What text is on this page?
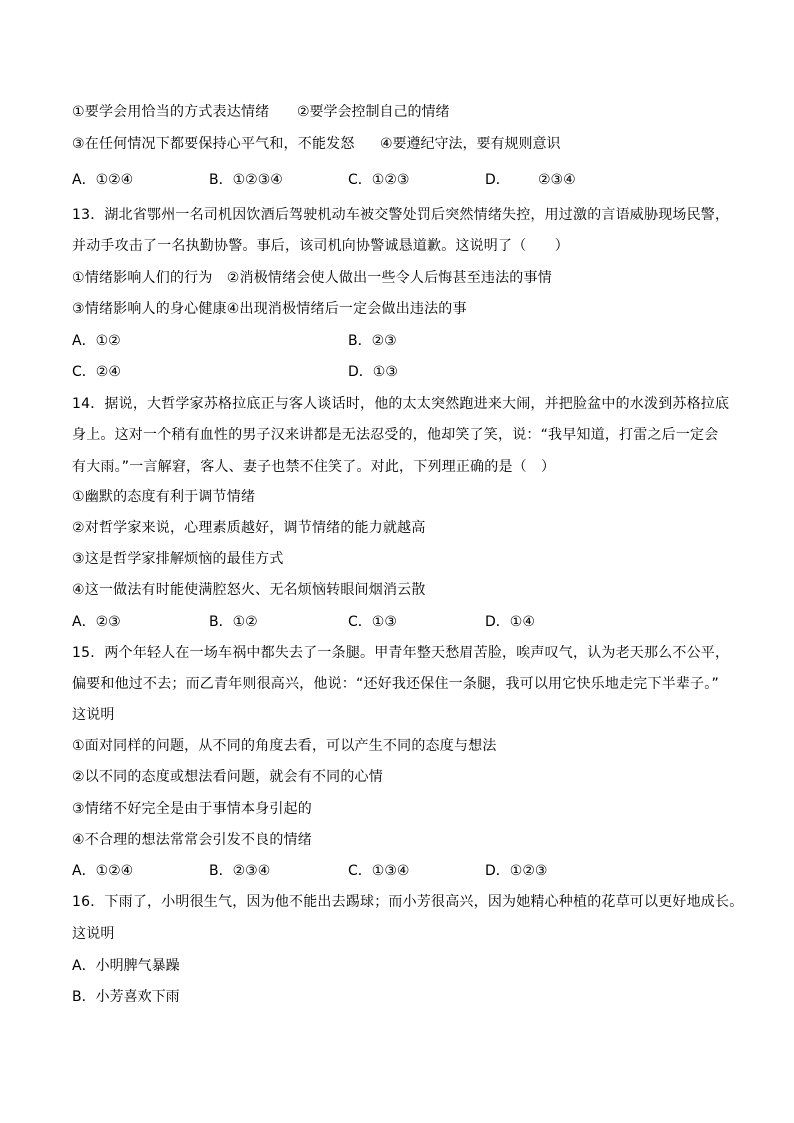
①要学会用恰当的方式表达情绪 ②要学会控制自己的情绪
③在任何情况下都要保持心平气和，不能发怒 ④要遵纪守法，要有规则意识
A．①②④	B．①②③④	C．①②③	D． ②③④
13．湖北省鄂州一名司机因饮酒后驾驶机动车被交警处罚后突然情绪失控，用过激的言语威胁现场民警，
并动手攻击了一名执勤协警。事后，该司机向协警诚恳道歉。这说明了（　　）
①情绪影响人们的行为　②消极情绪会使人做出一些令人后悔甚至违法的事情
③情绪影响人的身心健康④出现消极情绪后一定会做出违法的事
A．①②	B．②③
C．②④	D．①③
14．据说，大哲学家苏格拉底正与客人谈话时，他的太太突然跑进来大闹，并把脸盆中的水泼到苏格拉底
身上。这对一个稍有血性的男子汉来讲都是无法忍受的，他却笑了笑，说：“我早知道，打雷之后一定会
有大雨。”一言解窘，客人、妻子也禁不住笑了。对此，下列理正确的是（　）
①幽默的态度有利于调节情绪
②对哲学家来说，心理素质越好，调节情绪的能力就越高
③这是哲学家排解烦恼的最佳方式
④这一做法有时能使满腔怒火、无名烦恼转眼间烟消云散
A．②③	B．①②	C．①③	D．①④
15．两个年轻人在一场车祸中都失去了一条腿。甲青年整天愁眉苦脸，唉声叹气，认为老天那么不公平，
偏要和他过不去；而乙青年则很高兴，他说：“还好我还保住一条腿，我可以用它快乐地走完下半辈子。”
这说明
①面对同样的问题，从不同的角度去看，可以产生不同的态度与想法
②以不同的态度或想法看问题，就会有不同的心情
③情绪不好完全是由于事情本身引起的
④不合理的想法常常会引发不良的情绪
A．①②④	B．②③④	C．①③④	D．①②③
16．下雨了，小明很生气，因为他不能出去踢球；而小芳很高兴，因为她精心种植的花草可以更好地成长。
这说明
A．小明脾气暴躁
B．小芳喜欢下雨
